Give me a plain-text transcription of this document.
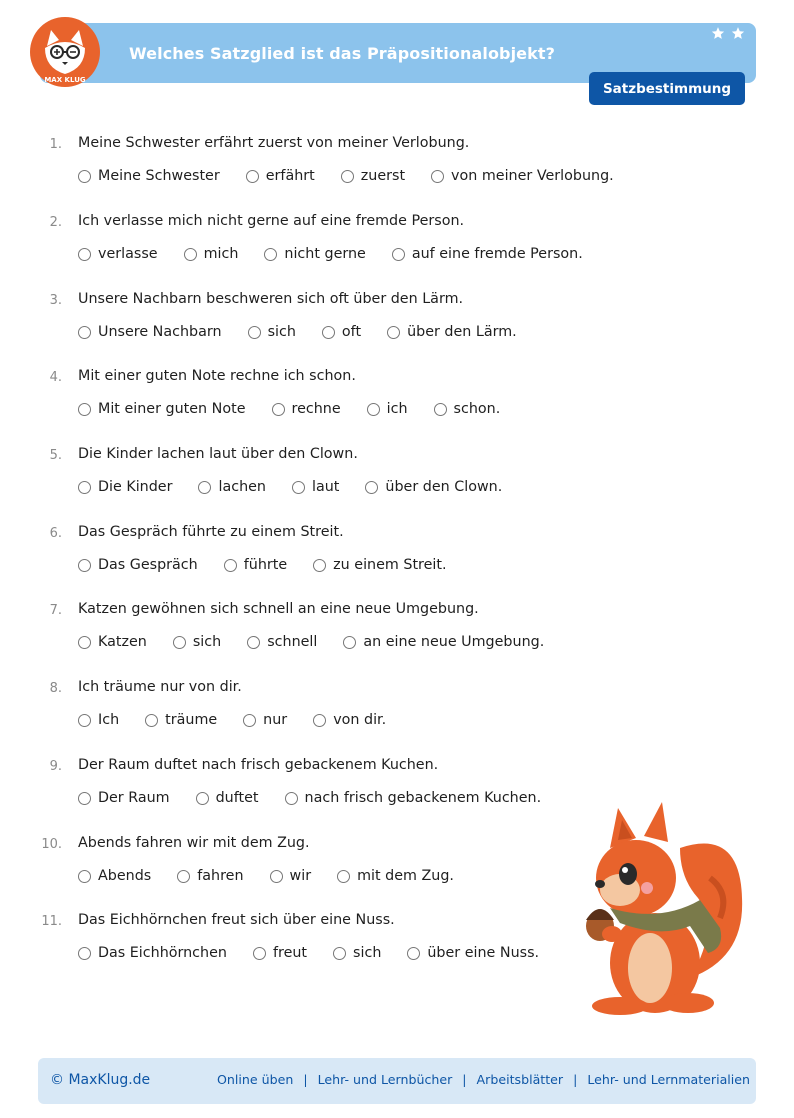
MAX KLUG
Welches Satzglied ist das Präpositionalobjekt?
Satzbestimmung
1. Meine Schwester erfährt zuerst von meiner Verlobung.
Meine Schwester	erfährt	zuerst	von meiner Verlobung.
2. Ich verlasse mich nicht gerne auf eine fremde Person.
verlasse	mich	nicht gerne	auf eine fremde Person.
3. Unsere Nachbarn beschweren sich oft über den Lärm.
Unsere Nachbarn	sich	oft	über den Lärm.
4. Mit einer guten Note rechne ich schon.
Mit einer guten Note	rechne	ich	schon.
5. Die Kinder lachen laut über den Clown.
Die Kinder	lachen	laut	über den Clown.
6. Das Gespräch führte zu einem Streit.
Das Gespräch	führte	zu einem Streit.
7. Katzen gewöhnen sich schnell an eine neue Umgebung.
Katzen	sich	schnell	an eine neue Umgebung.
8. Ich träume nur von dir.
Ich	träume	nur	von dir.
9. Der Raum duftet nach frisch gebackenem Kuchen.
Der Raum	duftet	nach frisch gebackenem Kuchen.
10. Abends fahren wir mit dem Zug.
Abends	fahren	wir	mit dem Zug.
11. Das Eichhörnchen freut sich über eine Nuss.
Das Eichhörnchen	freut	sich	über eine Nuss.
© MaxKlug.de	Online üben | Lehr- und Lernbücher | Arbeitsblätter | Lehr- und Lernmaterialien
